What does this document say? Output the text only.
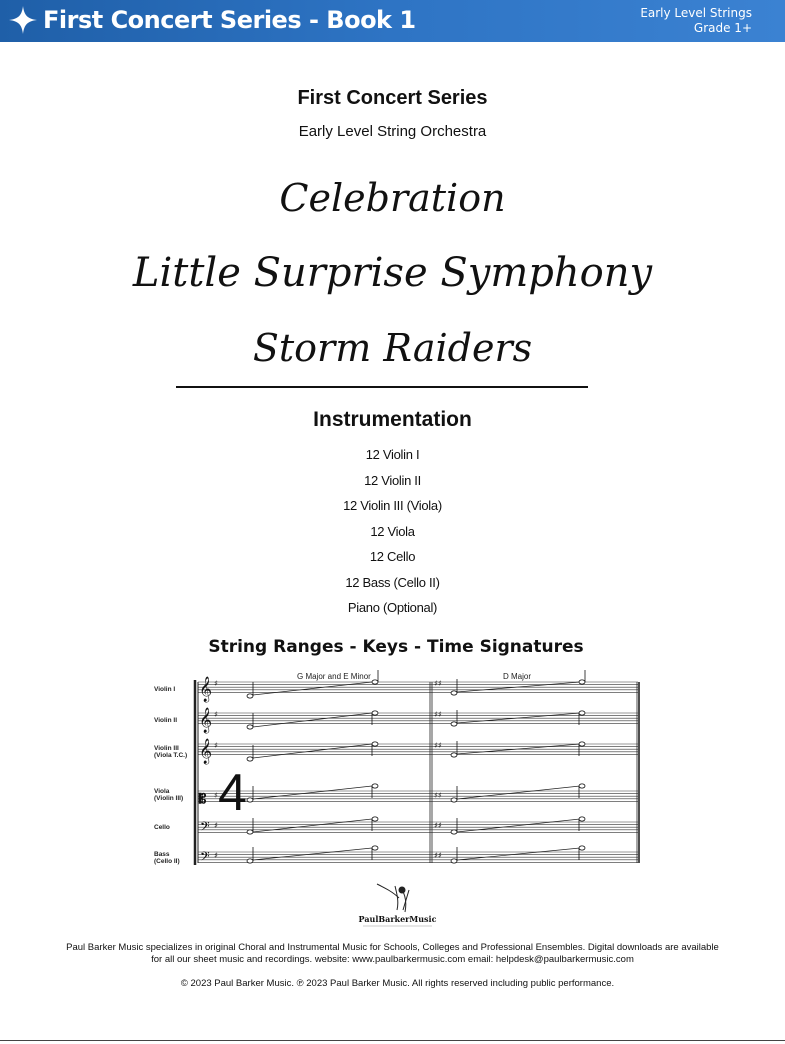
First Concert Series - Book 1	Early Level Strings
Grade 1+
First Concert Series
Early Level String Orchestra
Celebration
Little Surprise Symphony
Storm Raiders
Instrumentation
12 Violin I
12 Violin II
12 Violin III (Viola)
12 Viola
12 Cello
12 Bass (Cello II)
Piano (Optional)
String Ranges - Keys - Time Signatures
G Major and E Minor	D Major
Violin I
Violin II
Violin III
(Viola T.C.)
Viola
(Violin III)
Cello
Bass
(Cello II)
𝄞
𝄞
𝄞
𝄡
𝄢
𝄢
♯
♯
♯
♯
♯
♯
♯♯
♯♯
♯♯
♯♯
♯♯
♯♯
4
PaulBarkerMusic
Paul Barker Music specializes in original Choral and Instrumental Music for Schools, Colleges and Professional Ensembles. Digital downloads are available
for all our sheet music and recordings. website: www.paulbarkermusic.com email: helpdesk@paulbarkermusic.com
© 2023 Paul Barker Music. ℗ 2023 Paul Barker Music. All rights reserved including public performance.
